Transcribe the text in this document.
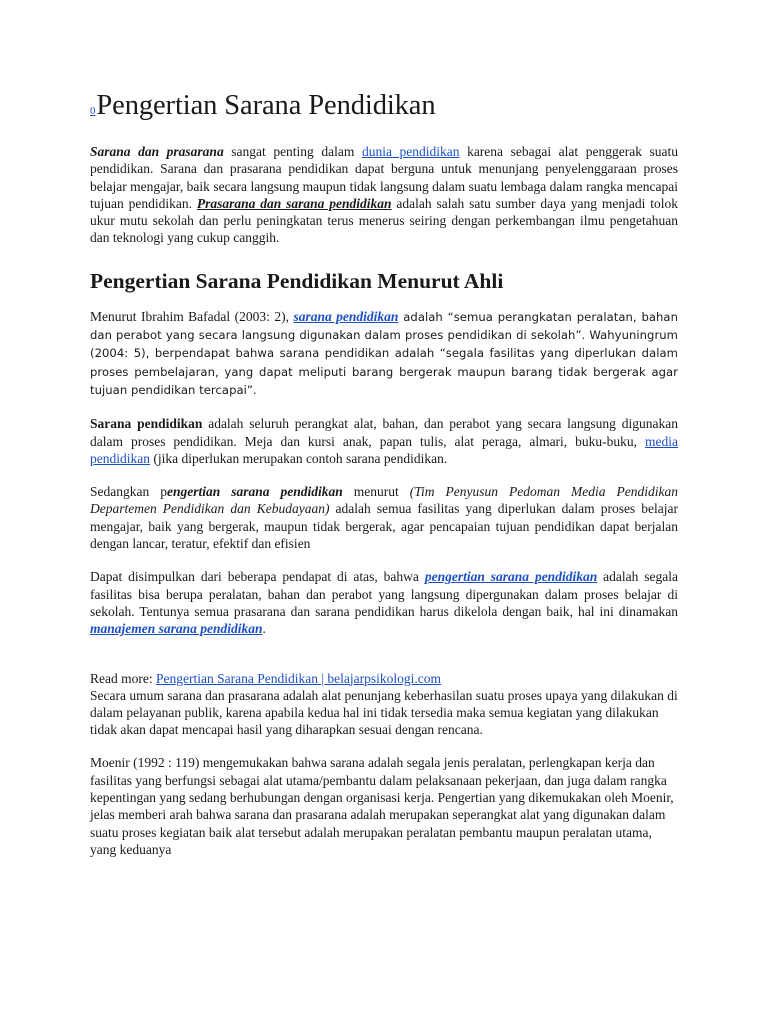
0Pengertian Sarana Pendidikan

Sarana dan prasarana sangat penting dalam dunia pendidikan karena sebagai alat penggerak suatu pendidikan. Sarana dan prasarana pendidikan dapat berguna untuk menunjang penyelenggaraan proses belajar mengajar, baik secara langsung maupun tidak langsung dalam suatu lembaga dalam rangka mencapai tujuan pendidikan. Prasarana dan sarana pendidikan adalah salah satu sumber daya yang menjadi tolok ukur mutu sekolah dan perlu peningkatan terus menerus seiring dengan perkembangan ilmu pengetahuan dan teknologi yang cukup canggih.

Pengertian Sarana Pendidikan Menurut Ahli

Menurut Ibrahim Bafadal (2003: 2), sarana pendidikan adalah “semua perangkatan peralatan, bahan dan perabot yang secara langsung digunakan dalam proses pendidikan di sekolah”. Wahyuningrum (2004: 5), berpendapat bahwa sarana pendidikan adalah “segala fasilitas yang diperlukan dalam proses pembelajaran, yang dapat meliputi barang bergerak maupun barang tidak bergerak agar tujuan pendidikan tercapai”.

Sarana pendidikan adalah seluruh perangkat alat, bahan, dan perabot yang secara langsung digunakan dalam proses pendidikan. Meja dan kursi anak, papan tulis, alat peraga, almari, buku-buku, media pendidikan (jika diperlukan merupakan contoh sarana pendidikan.

Sedangkan pengertian sarana pendidikan menurut (Tim Penyusun Pedoman Media Pendidikan Departemen Pendidikan dan Kebudayaan) adalah semua fasilitas yang diperlukan dalam proses belajar mengajar, baik yang bergerak, maupun tidak bergerak, agar pencapaian tujuan pendidikan dapat berjalan dengan lancar, teratur, efektif dan efisien

Dapat disimpulkan dari beberapa pendapat di atas, bahwa pengertian sarana pendidikan adalah segala fasilitas bisa berupa peralatan, bahan dan perabot yang langsung dipergunakan dalam proses belajar di sekolah. Tentunya semua prasarana dan sarana pendidikan harus dikelola dengan baik, hal ini dinamakan manajemen sarana pendidikan.

Read more: Pengertian Sarana Pendidikan | belajarpsikologi.com

Secara umum sarana dan prasarana adalah alat penunjang keberhasilan suatu proses upaya yang dilakukan di dalam pelayanan publik, karena apabila kedua hal ini tidak tersedia maka semua kegiatan yang dilakukan tidak akan dapat mencapai hasil yang diharapkan sesuai dengan rencana.

Moenir (1992 : 119) mengemukakan bahwa sarana adalah segala jenis peralatan, perlengkapan kerja dan fasilitas yang berfungsi sebagai alat utama/pembantu dalam pelaksanaan pekerjaan, dan juga dalam rangka kepentingan yang sedang berhubungan dengan organisasi kerja. Pengertian yang dikemukakan oleh Moenir, jelas memberi arah bahwa sarana dan prasarana adalah merupakan seperangkat alat yang digunakan dalam suatu proses kegiatan baik alat tersebut adalah merupakan peralatan pembantu maupun peralatan utama, yang keduanya
